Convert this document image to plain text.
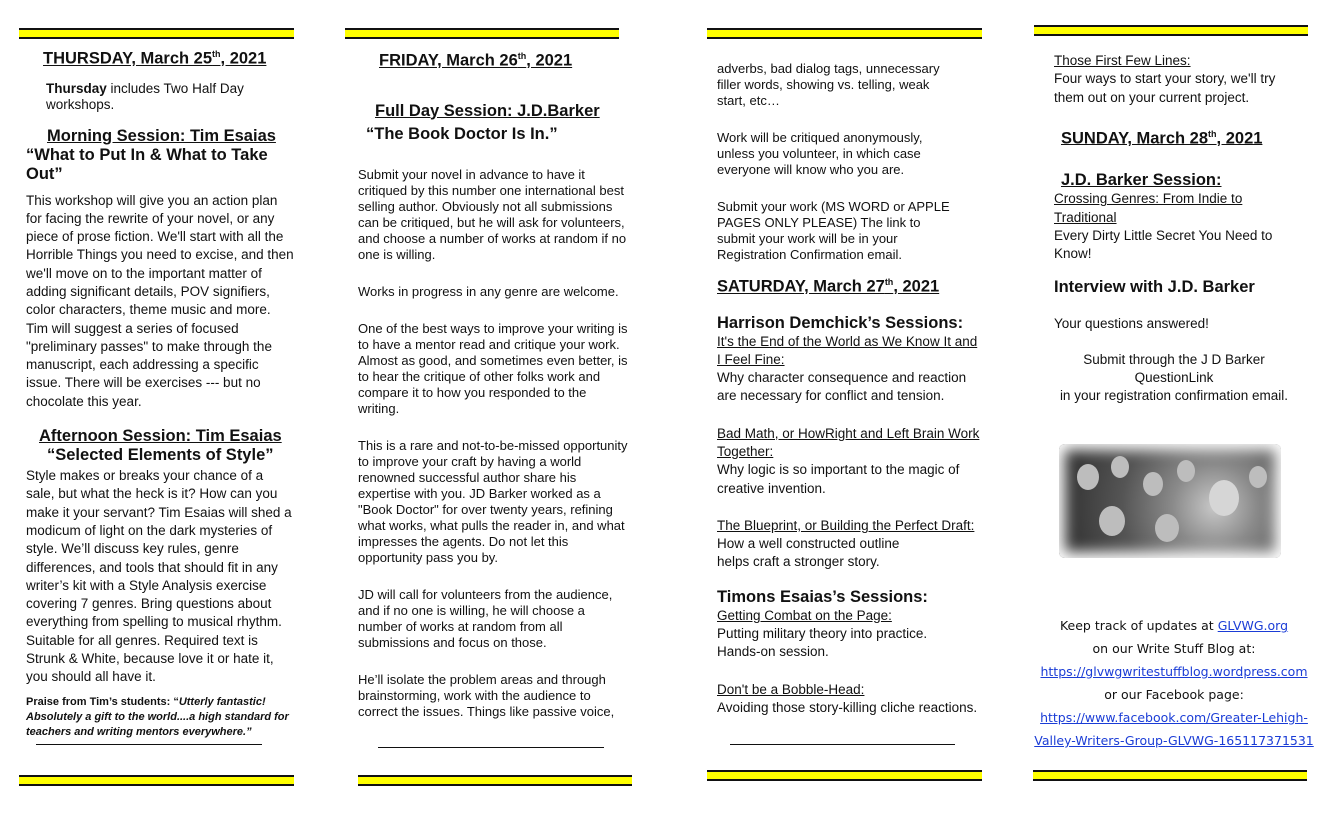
THURSDAY, March 25th, 2021

Thursday includes Two Half Day workshops.

Morning Session: Tim Esaias

“What to Put In & What to Take Out”

This workshop will give you an action plan for facing the rewrite of your novel, or any piece of prose fiction. We'll start with all the Horrible Things you need to excise, and then we'll move on to the important matter of adding significant details, POV signifiers, color characters, theme music and more. Tim will suggest a series of focused "preliminary passes" to make through the manuscript, each addressing a specific issue. There will be exercises --- but no chocolate this year.

Afternoon Session: Tim Esaias

“Selected Elements of Style”

Style makes or breaks your chance of a sale, but what the heck is it? How can you make it your servant? Tim Esaias will shed a modicum of light on the dark mysteries of style. We’ll discuss key rules, genre differences, and tools that should fit in any writer’s kit with a Style Analysis exercise covering 7 genres. Bring questions about everything from spelling to musical rhythm. Suitable for all genres. Required text is Strunk & White, because love it or hate it, you should all have it.

Praise from Tim’s students: “Utterly fantastic! Absolutely a gift to the world....a high standard for teachers and writing mentors everywhere.”

FRIDAY, March 26th, 2021

Full Day Session: J.D.Barker

“The Book Doctor Is In.”

Submit your novel in advance to have it critiqued by this number one international best selling author. Obviously not all submissions can be critiqued, but he will ask for volunteers, and choose a number of works at random if no one is willing.

Works in progress in any genre are welcome.

One of the best ways to improve your writing is to have a mentor read and critique your work. Almost as good, and sometimes even better, is to hear the critique of other folks work and compare it to how you responded to the writing.

This is a rare and not-to-be-missed opportunity to improve your craft by having a world renowned successful author share his expertise with you. JD Barker worked as a "Book Doctor" for over twenty years, refining what works, what pulls the reader in, and what impresses the agents. Do not let this opportunity pass you by.

JD will call for volunteers from the audience, and if no one is willing, he will choose a number of works at random from all submissions and focus on those.

He’ll isolate the problem areas and through brainstorming, work with the audience to correct the issues. Things like passive voice,

adverbs, bad dialog tags, unnecessary filler words, showing vs. telling, weak start, etc…

Work will be critiqued anonymously, unless you volunteer, in which case everyone will know who you are.

Submit your work (MS WORD or APPLE PAGES ONLY PLEASE) The link to submit your work will be in your Registration Confirmation email.

SATURDAY, March 27th, 2021

Harrison Demchick’s Sessions:

It's the End of the World as We Know It and I Feel Fine:

Why character consequence and reaction are necessary for conflict and tension.

Bad Math, or HowRight and Left Brain Work Together:

Why logic is so important to the magic of creative invention.

The Blueprint, or Building the Perfect Draft:

How a well constructed outline

helps craft a stronger story.

Timons Esaias’s Sessions:

Getting Combat on the Page:

Putting military theory into practice.

Hands-on session.

Don't be a Bobble-Head:

Avoiding those story-killing cliche reactions.

Those First Few Lines:

Four ways to start your story, we'll try them out on your current project.

SUNDAY, March 28th, 2021

J.D. Barker Session:

Crossing Genres: From Indie to Traditional

Every Dirty Little Secret You Need to Know!

Interview with J.D. Barker

Your questions answered!

Submit through the J D Barker

QuestionLink

in your registration confirmation email.

Keep track of updates at GLVWG.org
on our Write Stuff Blog at:
https://glvwgwritestuffblog.wordpress.com
or our Facebook page:
https://www.facebook.com/Greater-Lehigh-
Valley-Writers-Group-GLVWG-165117371531
